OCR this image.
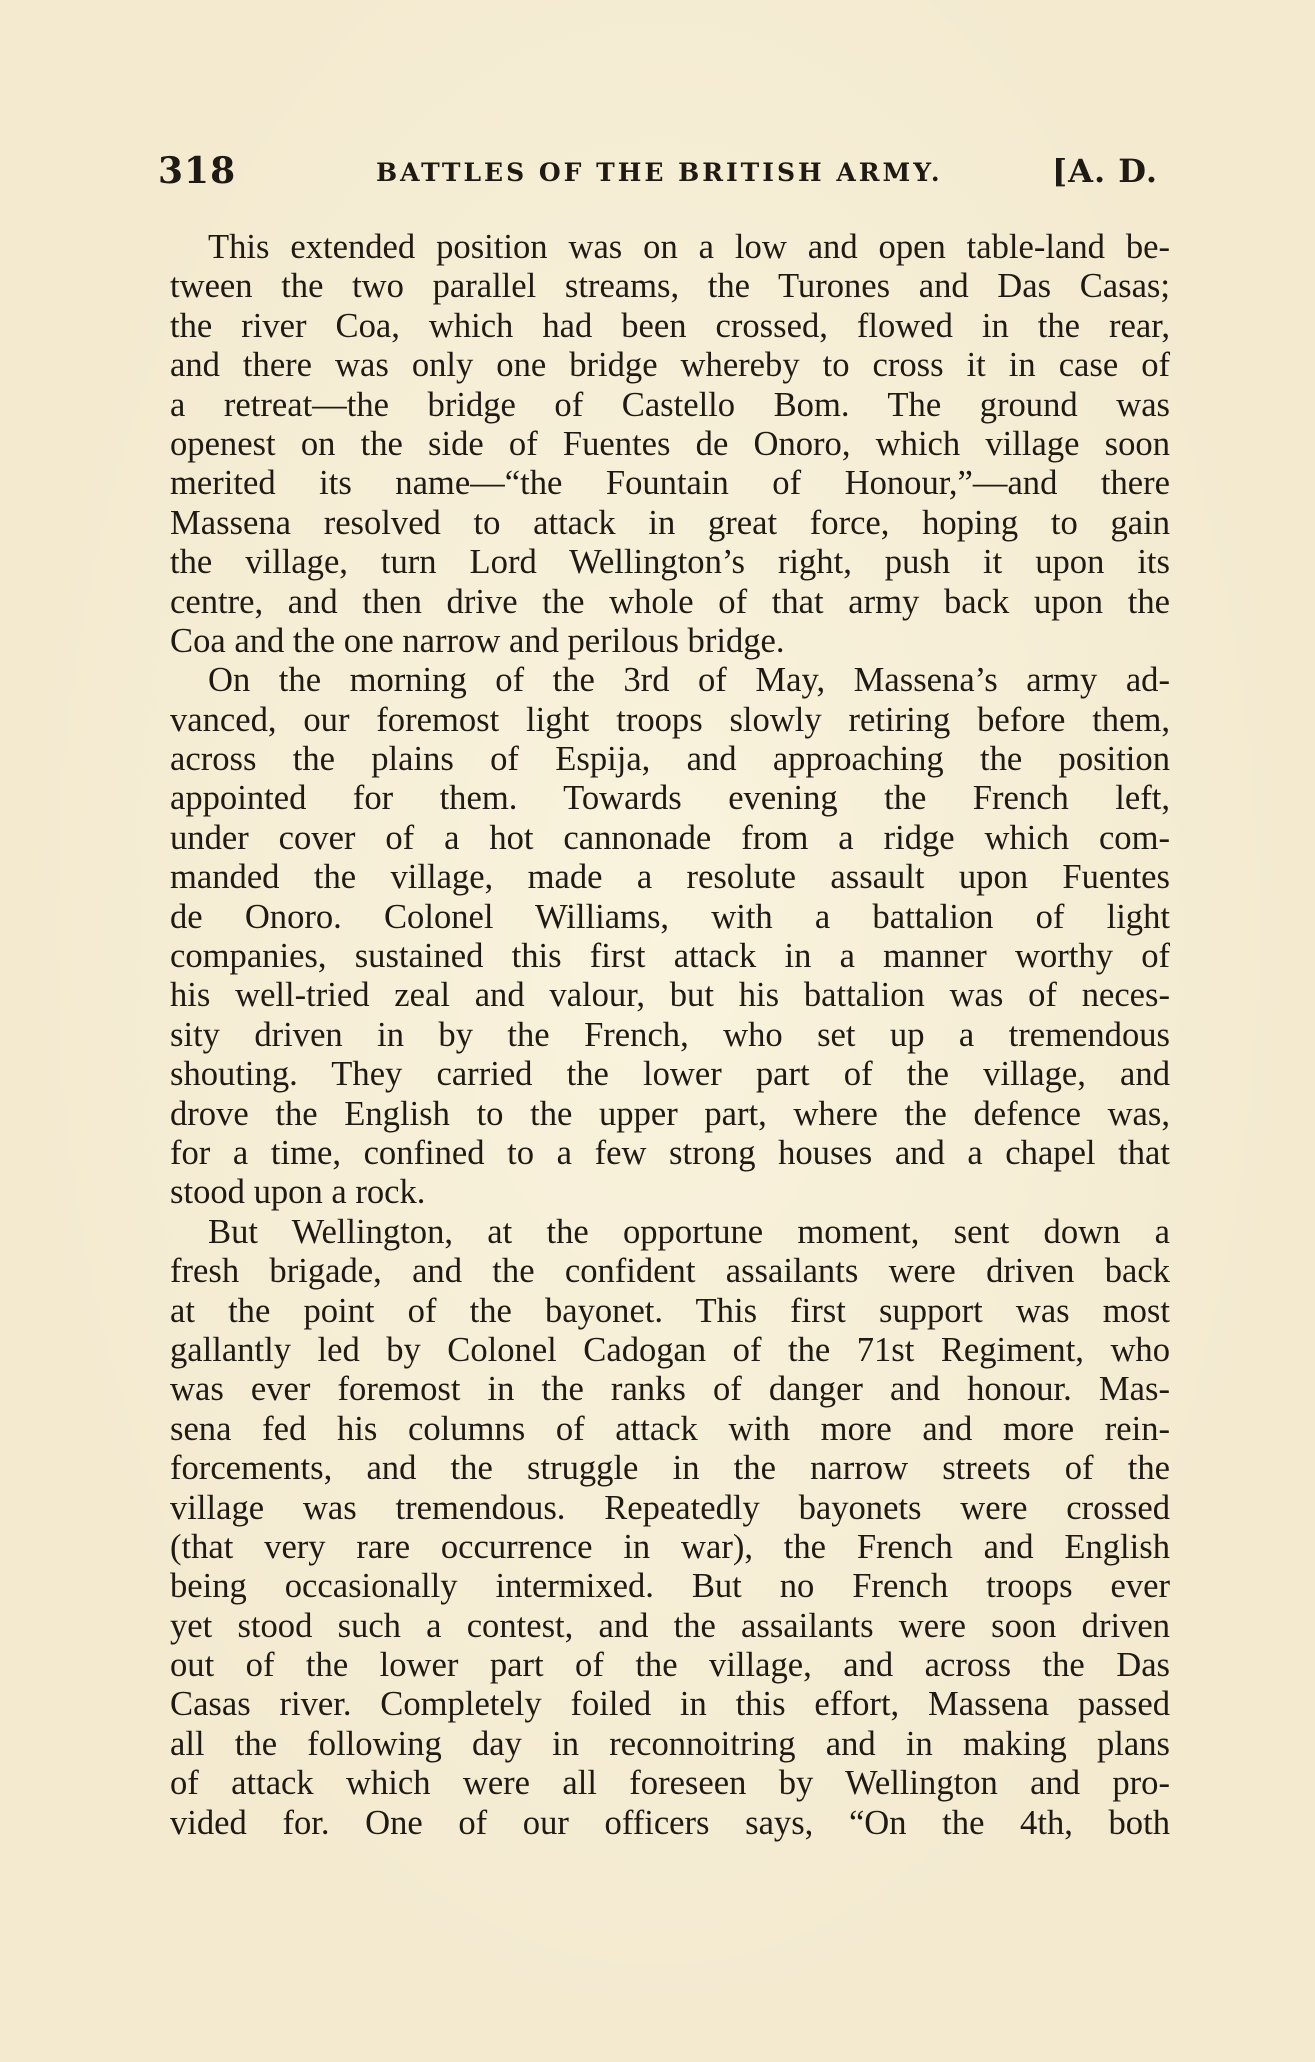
318	BATTLES OF THE BRITISH ARMY.	[A. D.
This extended position was on a low and open table-land be-
tween the two parallel streams, the Turones and Das Casas;
the river Coa, which had been crossed, flowed in the rear,
and there was only one bridge whereby to cross it in case of
a retreat—the bridge of Castello Bom. The ground was
openest on the side of Fuentes de Onoro, which village soon
merited its name—“the Fountain of Honour,”—and there
Massena resolved to attack in great force, hoping to gain
the village, turn Lord Wellington’s right, push it upon its
centre, and then drive the whole of that army back upon the
Coa and the one narrow and perilous bridge.
On the morning of the 3rd of May, Massena’s army ad-
vanced, our foremost light troops slowly retiring before them,
across the plains of Espija, and approaching the position
appointed for them. Towards evening the French left,
under cover of a hot cannonade from a ridge which com-
manded the village, made a resolute assault upon Fuentes
de Onoro. Colonel Williams, with a battalion of light
companies, sustained this first attack in a manner worthy of
his well-tried zeal and valour, but his battalion was of neces-
sity driven in by the French, who set up a tremendous
shouting. They carried the lower part of the village, and
drove the English to the upper part, where the defence was,
for a time, confined to a few strong houses and a chapel that
stood upon a rock.
But Wellington, at the opportune moment, sent down a
fresh brigade, and the confident assailants were driven back
at the point of the bayonet. This first support was most
gallantly led by Colonel Cadogan of the 71st Regiment, who
was ever foremost in the ranks of danger and honour. Mas-
sena fed his columns of attack with more and more rein-
forcements, and the struggle in the narrow streets of the
village was tremendous. Repeatedly bayonets were crossed
(that very rare occurrence in war), the French and English
being occasionally intermixed. But no French troops ever
yet stood such a contest, and the assailants were soon driven
out of the lower part of the village, and across the Das
Casas river. Completely foiled in this effort, Massena passed
all the following day in reconnoitring and in making plans
of attack which were all foreseen by Wellington and pro-
vided for. One of our officers says, “On the 4th, both
